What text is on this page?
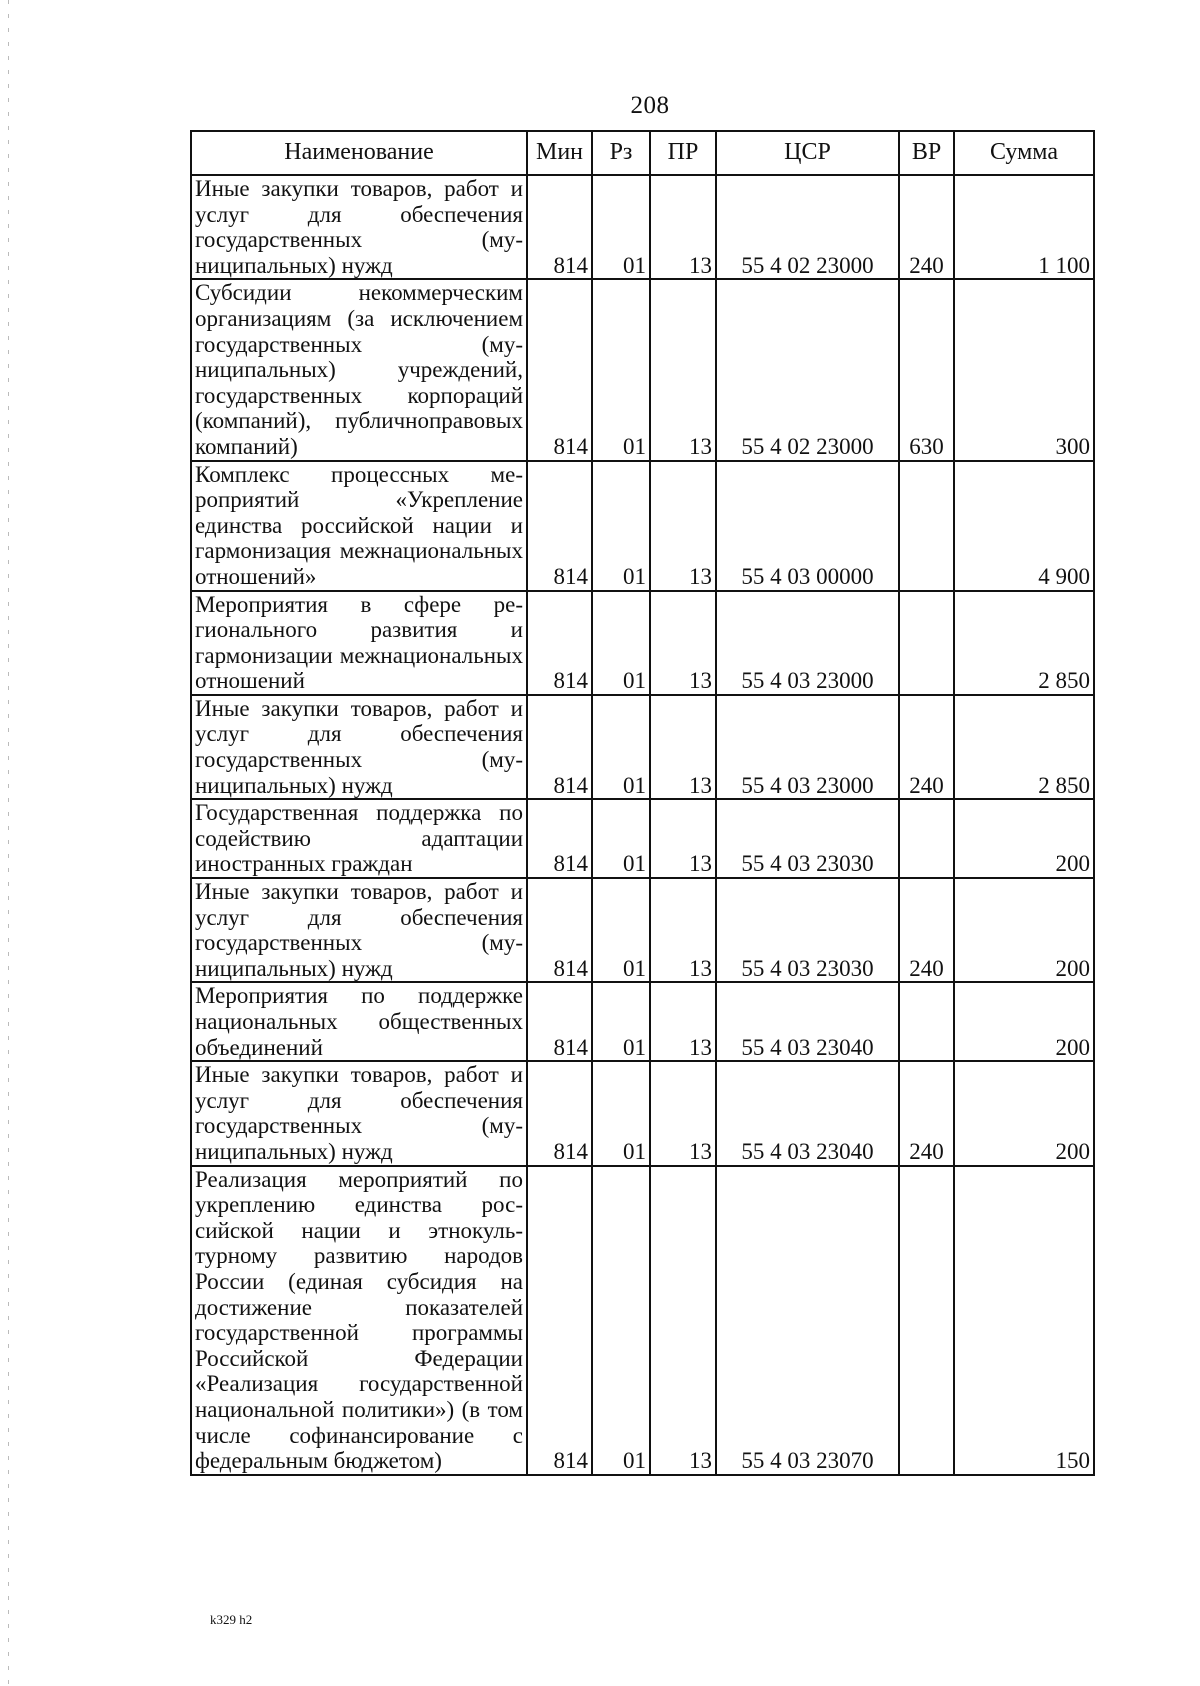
208
Наименование	Мин	Рз	ПР	ЦСР	ВР	Сумма
Иные закупки товаров, работ и услуг для обеспечения государственных (муниципальных) нужд	814	01	13	55 4 02 23000	240	1 100
Субсидии некоммерческим организациям (за исключением государственных (муниципальных) учреждений, государственных корпораций (компаний), публичноправовых компаний)	814	01	13	55 4 02 23000	630	300
Комплекс процессных мероприятий «Укрепление единства российской нации и гармонизация межнациональных отношений»	814	01	13	55 4 03 00000		4 900
Мероприятия в сфере регионального развития и гармонизации межнациональных отношений	814	01	13	55 4 03 23000		2 850
Иные закупки товаров, работ и услуг для обеспечения государственных (муниципальных) нужд	814	01	13	55 4 03 23000	240	2 850
Государственная поддержка по содействию адаптации иностранных граждан	814	01	13	55 4 03 23030		200
Иные закупки товаров, работ и услуг для обеспечения государственных (муниципальных) нужд	814	01	13	55 4 03 23030	240	200
Мероприятия по поддержке национальных общественных объединений	814	01	13	55 4 03 23040		200
Иные закупки товаров, работ и услуг для обеспечения государственных (муниципальных) нужд	814	01	13	55 4 03 23040	240	200
Реализация мероприятий по укреплению единства российской нации и этнокультурному развитию народов России (единая субсидия на достижение показателей государственной программы Российской Федерации «Реализация государственной национальной политики») (в том числе софинансирование с федеральным бюджетом)	814	01	13	55 4 03 23070		150
k329 h2
